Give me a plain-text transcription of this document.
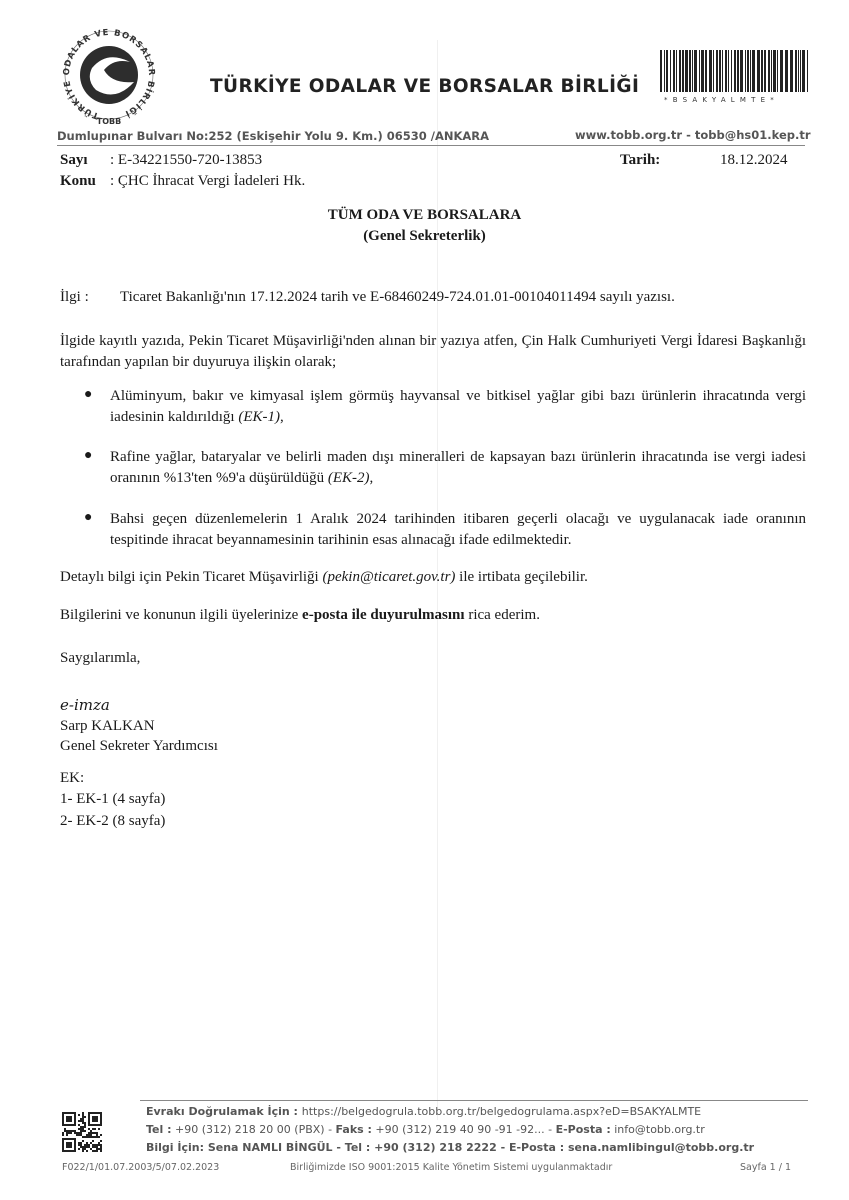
TÜRKİYE ODALAR VE BORSALAR BİRLİĞİ
TOBB
TÜRKİYE ODALAR VE BORSALAR BİRLİĞİ
*BSAKYALMTE*
Dumlupınar Bulvarı No:252 (Eskişehir Yolu 9. Km.) 06530 /ANKARA	www.tobb.org.tr - tobb@hs01.kep.tr
Sayı : E-34221550-720-13853
Konu : ÇHC İhracat Vergi İadeleri Hk.
Tarih:	18.12.2024
TÜM ODA VE BORSALARA
(Genel Sekreterlik)
İlgi : Ticaret Bakanlığı'nın 17.12.2024 tarih ve E-68460249-724.01.01-00104011494 sayılı yazısı.
İlgide kayıtlı yazıda, Pekin Ticaret Müşavirliği'nden alınan bir yazıya atfen, Çin Halk Cumhuriyeti Vergi İdaresi Başkanlığı tarafından yapılan bir duyuruya ilişkin olarak;
● Alüminyum, bakır ve kimyasal işlem görmüş hayvansal ve bitkisel yağlar gibi bazı ürünlerin ihracatında vergi iadesinin kaldırıldığı (EK-1),
● Rafine yağlar, bataryalar ve belirli maden dışı mineralleri de kapsayan bazı ürünlerin ihracatında ise vergi iadesi oranının %13'ten %9'a düşürüldüğü (EK-2),
● Bahsi geçen düzenlemelerin 1 Aralık 2024 tarihinden itibaren geçerli olacağı ve uygulanacak iade oranının tespitinde ihracat beyannamesinin tarihinin esas alınacağı ifade edilmektedir.
Detaylı bilgi için Pekin Ticaret Müşavirliği (pekin@ticaret.gov.tr) ile irtibata geçilebilir.
Bilgilerini ve konunun ilgili üyelerinize e-posta ile duyurulmasını rica ederim.
Saygılarımla,
e-imza
Sarp KALKAN
Genel Sekreter Yardımcısı
EK:
1- EK-1 (4 sayfa)
2- EK-2 (8 sayfa)
Evrakı Doğrulamak İçin : https://belgedogrula.tobb.org.tr/belgedogrulama.aspx?eD=BSAKYALMTE
Tel : +90 (312) 218 20 00 (PBX) - Faks : +90 (312) 219 40 90 -91 -92... - E-Posta : info@tobb.org.tr
Bilgi İçin: Sena NAMLI BİNGÜL - Tel : +90 (312) 218 2222 - E-Posta : sena.namlibingul@tobb.org.tr
F022/1/01.07.2003/5/07.02.2023	Birliğimizde ISO 9001:2015 Kalite Yönetim Sistemi uygulanmaktadır	Sayfa 1 / 1
